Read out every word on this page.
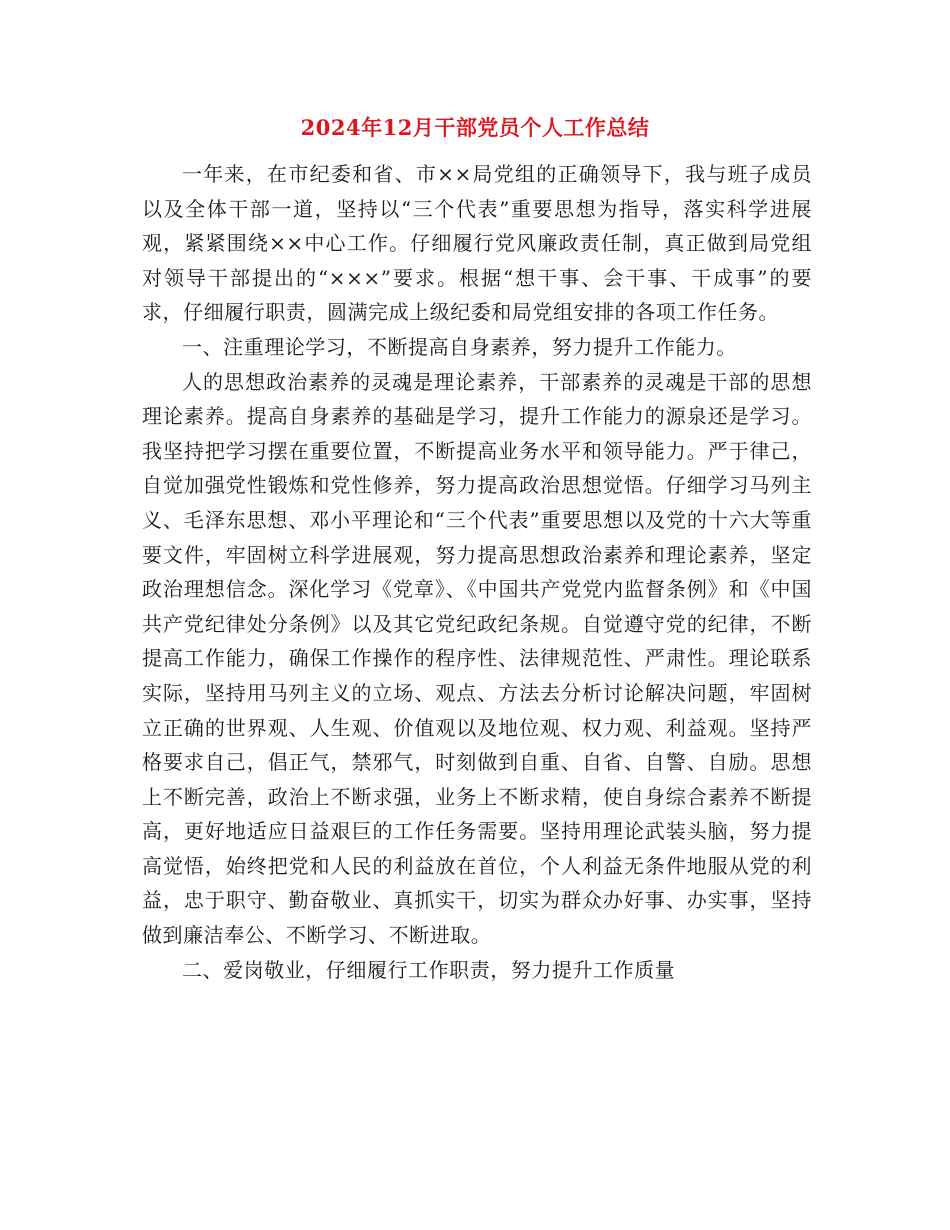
2024年12月干部党员个人工作总结

一年来，在市纪委和省、市××局党组的正确领导下，我与班子成员以及全体干部一道，坚持以“三个代表”重要思想为指导，落实科学进展观，紧紧围绕××中心工作。仔细履行党风廉政责任制，真正做到局党组对领导干部提出的“×××”要求。根据“想干事、会干事、干成事”的要求，仔细履行职责，圆满完成上级纪委和局党组安排的各项工作任务。

一、注重理论学习，不断提高自身素养，努力提升工作能力。

人的思想政治素养的灵魂是理论素养，干部素养的灵魂是干部的思想理论素养。提高自身素养的基础是学习，提升工作能力的源泉还是学习。我坚持把学习摆在重要位置，不断提高业务水平和领导能力。严于律己，自觉加强党性锻炼和党性修养，努力提高政治思想觉悟。仔细学习马列主义、毛泽东思想、邓小平理论和“三个代表”重要思想以及党的十六大等重要文件，牢固树立科学进展观，努力提高思想政治素养和理论素养，坚定政治理想信念。深化学习《党章》、《中国共产党党内监督条例》和《中国共产党纪律处分条例》以及其它党纪政纪条规。自觉遵守党的纪律，不断提高工作能力，确保工作操作的程序性、法律规范性、严肃性。理论联系实际，坚持用马列主义的立场、观点、方法去分析讨论解决问题，牢固树立正确的世界观、人生观、价值观以及地位观、权力观、利益观。坚持严格要求自己，倡正气，禁邪气，时刻做到自重、自省、自警、自励。思想上不断完善，政治上不断求强，业务上不断求精，使自身综合素养不断提高，更好地适应日益艰巨的工作任务需要。坚持用理论武装头脑，努力提高觉悟，始终把党和人民的利益放在首位，个人利益无条件地服从党的利益，忠于职守、勤奋敬业、真抓实干，切实为群众办好事、办实事，坚持做到廉洁奉公、不断学习、不断进取。

二、爱岗敬业，仔细履行工作职责，努力提升工作质量
